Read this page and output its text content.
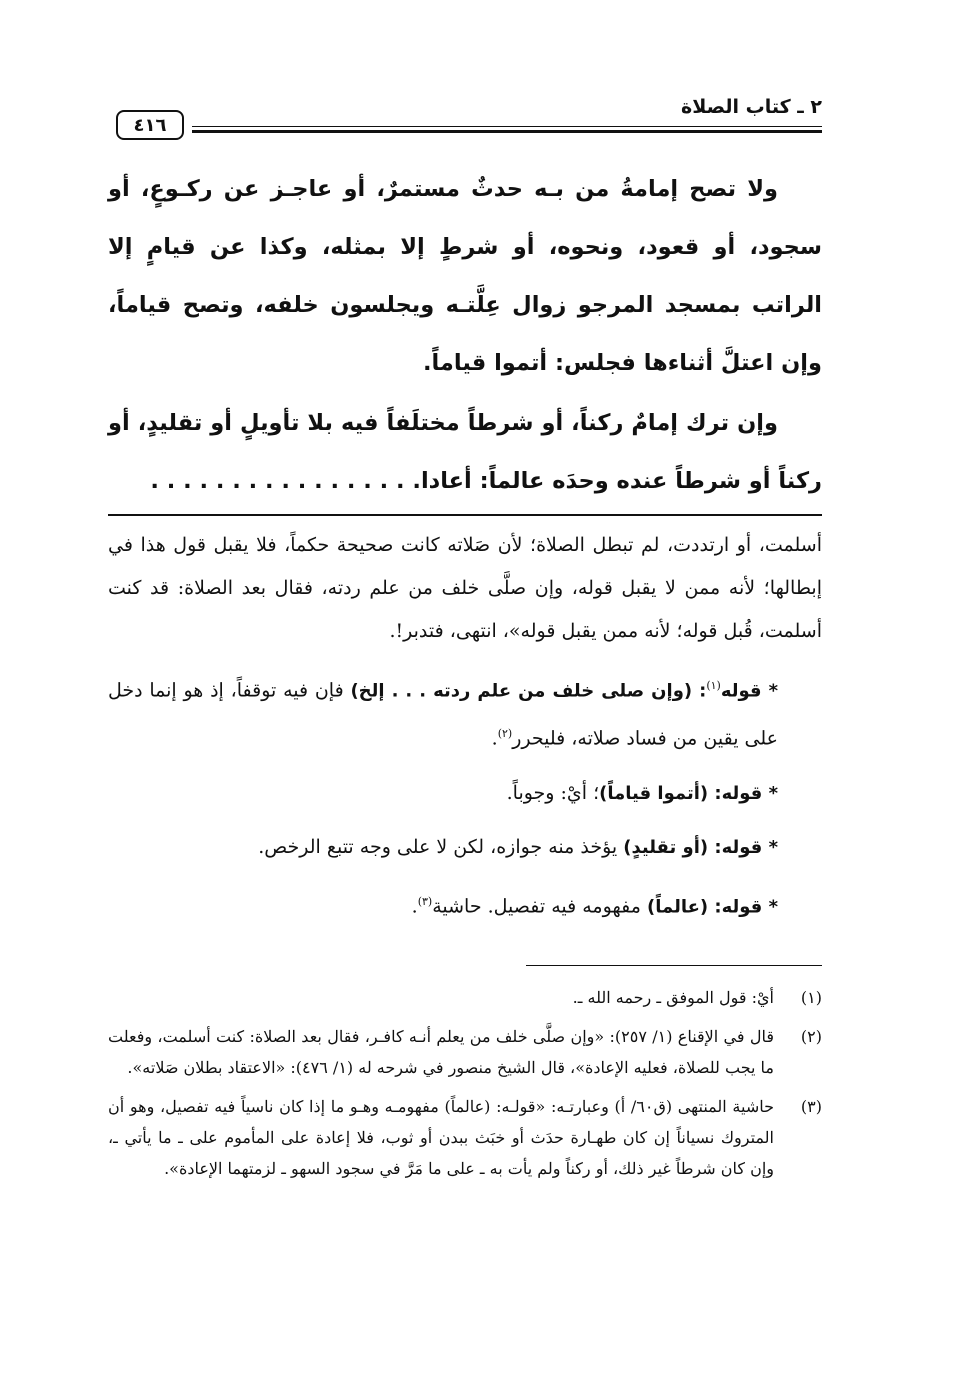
٤١٦
٢ ـ كتاب الصلاة

ولا تصح إمامةُ من بـه حدثٌ مستمرٌ، أو عاجـز عن ركـوعٍ، أو سجود، أو قعود، ونحوه، أو شرطٍ إلا بمثله، وكذا عن قيامٍ إلا الراتب بمسجد المرجو زوال عِلَّتـه ويجلسون خلفه، وتصح قياماً، وإن اعتلَّ أثناءها فجلس: أتموا قياماً.

وإن ترك إمامٌ ركناً، أو شرطاً مختلَفاً فيه بلا تأويلٍ أو تقليدٍ، أو ركناً أو شرطاً عنده وحدَه عالماً: أعادا. . . . . . . . . . . . . . . . .

أسلمت، أو ارتددت، لم تبطل الصلاة؛ لأن صَلاته كانت صحيحة حكماً، فلا يقبل قول هذا في إبطالها؛ لأنه ممن لا يقبل قوله، وإن صلَّى خلف من علم ردته، فقال بعد الصلاة: قد كنت أسلمت، قُبل قوله؛ لأنه ممن يقبل قوله»، انتهى، فتدبر!.

* قوله$^{(١)}$: (وإن صلى خلف من علم ردته . . . إلخ) فإن فيه توقفاً، إذ هو إنما دخل على يقين من فساد صلاته، فليحرر$^{(٢)}$.

* قوله: (أتموا قياماً)؛ أيْ: وجوباً.

* قوله: (أو تقليدٍ) يؤخذ منه جوازه، لكن لا على وجه تتبع الرخص.

* قوله: (عالماً) مفهومه فيه تفصيل. حاشية$^{(٣)}$.

(١)
أيْ: قول الموفق ـ رحمه الله ـ.
(٢)
قال في الإقناع (١/ ٢٥٧): «وإن صلَّى خلف من يعلم أنـه كافـر، فقال بعد الصلاة: كنت أسلمت، وفعلت ما يجب للصلاة، فعليه الإعادة»، قال الشيخ منصور في شرحه له (١/ ٤٧٦): «الاعتقاد بطلان صَلاته».
(٣)
حاشية المنتهى (ق٦٠/ أ) وعبارتـه: «قولـه: (عالماً) مفهومـه وهـو ما إذا كان ناسياً فيه تفصيل، وهو أن المتروك نسياناً إن كان طهـارة حدَث أو خبَث ببدن أو ثوب، فلا إعادة على المأموم على ـ ما يأتي ـ، وإن كان شرطاً غير ذلك، أو ركناً ولم يأت به ـ على ما مَرَّ في سجود السهو ـ لزمتهما الإعادة».
